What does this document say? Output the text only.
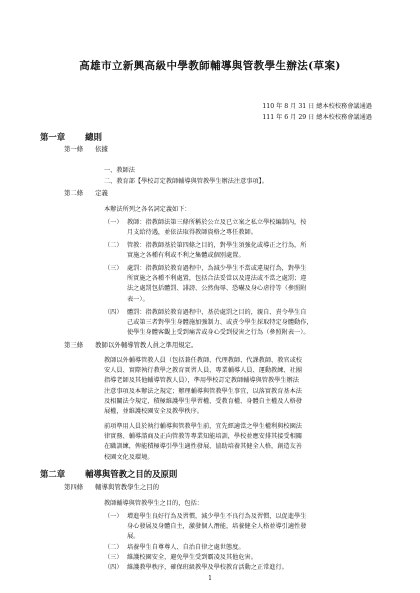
高雄市立新興高級中學教師輔導與管教學生辦法(草案)
110 年 8 月 31 日 總本校校務會議通過
111 年 6 月 29 日 總本校校務會議通過
第一章 總則
第一條 依據
一、教師法
二、教育部【學校訂定教師輔導與管教學生辦法注意事項】。
第二條 定義
本辦法所列之各名詞定義如下：
（一） 教師：指教師法第三條所稱於公立及已立案之私立學校編制內，按
月支給待遇，並依法取得教師資格之專任教師。
（二） 管教：指教師基於第四條之目的，對學生須強化或導正之行為，所
實施之各種有利或不利之集體或個別處置。
（三） 處罰：指教師於教育過程中，為減少學生不當或違規行為，對學生
所實施之各種不利處置，包括合法妥當以及違法或不當之處罰；違
法之處罰包括體罰、誹謗、公然侮辱、恐嚇及身心虐待等（參照附
表一）。
（四） 體罰：指教師於教育過程中，基於處罰之目的，親自、責令學生自
己或第三者對學生身體施加強制力、或責令學生採取特定身體動作，
使學生身體客觀上受到痛苦或身心受到侵害之行為（參照附表一）。
第三條 教師以外輔導管教人員之準用規定。
教師以外輔導管教人員（包括兼任教師、代理教師、代課教師、教官或校
安人員、實際執行教學之教育實習人員、專業輔導人員、運動教練、社團
指導老師及其他輔導管教人員），準用學校訂定教師輔導與管教學生辦法
注意事項及本辦法之規定；辦理輔導與管教學生事宜，以落實教育基本法
及相關法令規定，積極維護學生學習權、受教育權、身體自主權及人格發
展權，並維護校園安全及教學秩序。
前項準用人員於執行輔導與管教學生前，宜先經適當之學生權利與校園法
律實務、輔導諮商及正向管教等專業知能培訓，學校並應安排其接受相關
在職訓練，俾能積極導引學生適性發展、協助培養其健全人格，創造友善
校園文化及環境。
第二章 輔導與管教之目的及原則
第四條 輔導與管教學生之目的
教師輔導與管教學生之目的，包括：
（一） 增進學生良好行為及習慣，減少學生不良行為及習慣，以促進學生
身心發展及身體自主，激發個人潛能，培養健全人格並導引適性發
展。
（二） 培養學生自尊尊人、自治自律之處世態度。
（三） 維護校園安全，避免學生受到霸凌及其他危害。
（四） 維護教學秩序，確保班級教學及學校教育活動之正常進行。
1
